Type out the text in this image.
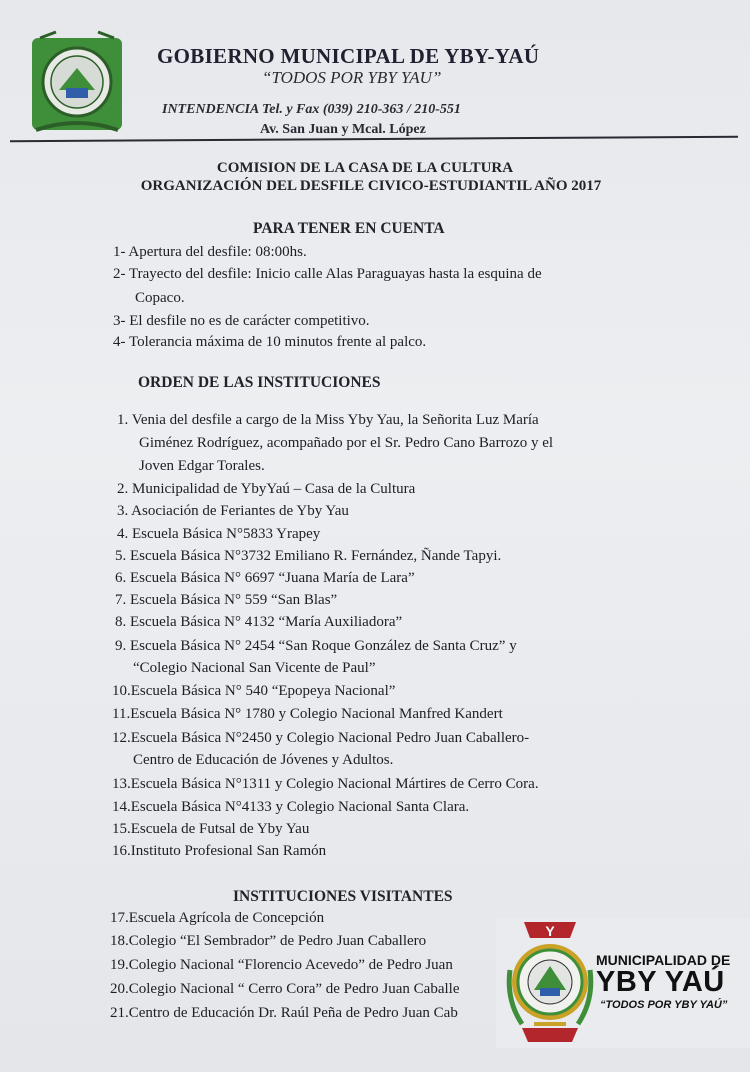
GOBIERNO MUNICIPAL DE YBY-YAÚ
“TODOS POR YBY YAU”
INTENDENCIA Tel. y Fax (039) 210-363 / 210-551
Av. San Juan y Mcal. López
COMISION DE LA CASA DE LA CULTURA
ORGANIZACIÓN DEL DESFILE CIVICO-ESTUDIANTIL AÑO 2017
PARA TENER EN CUENTA
1- Apertura del desfile: 08:00hs.
2- Trayecto del desfile: Inicio calle Alas Paraguayas hasta la esquina de
Copaco.
3- El desfile no es de carácter competitivo.
4- Tolerancia máxima de 10 minutos frente al palco.
ORDEN DE LAS INSTITUCIONES
1. Venia del desfile a cargo de la Miss Yby Yau, la Señorita Luz María
Giménez Rodríguez, acompañado por el Sr. Pedro Cano Barrozo y el
Joven Edgar Torales.
2. Municipalidad de YbyYaú – Casa de la Cultura
3. Asociación de Feriantes de Yby Yau
4. Escuela Básica N°5833 Yrapey
5. Escuela Básica N°3732 Emiliano R. Fernández, Ñande Tapyi.
6. Escuela Básica N° 6697 “Juana María de Lara”
7. Escuela Básica N° 559 “San Blas”
8. Escuela Básica N° 4132 “María Auxiliadora”
9. Escuela Básica N° 2454 “San Roque González de Santa Cruz” y
“Colegio Nacional San Vicente de Paul”
10.Escuela Básica N° 540 “Epopeya Nacional”
11.Escuela Básica N° 1780 y Colegio Nacional Manfred Kandert
12.Escuela Básica N°2450 y Colegio Nacional Pedro Juan Caballero-
Centro de Educación de Jóvenes y Adultos.
13.Escuela Básica N°1311 y Colegio Nacional Mártires de Cerro Cora.
14.Escuela Básica N°4133 y Colegio Nacional Santa Clara.
15.Escuela de Futsal de Yby Yau
16.Instituto Profesional San Ramón
INSTITUCIONES VISITANTES
17.Escuela Agrícola de Concepción
18.Colegio “El Sembrador” de Pedro Juan Caballero
19.Colegio Nacional “Florencio Acevedo” de Pedro Juan
20.Colegio Nacional “ Cerro Cora” de Pedro Juan Caballe
21.Centro de Educación Dr. Raúl Peña de Pedro Juan Cab
Y
MUNICIPALIDAD DE
YBY YAÚ
“TODOS POR YBY YAÚ”
